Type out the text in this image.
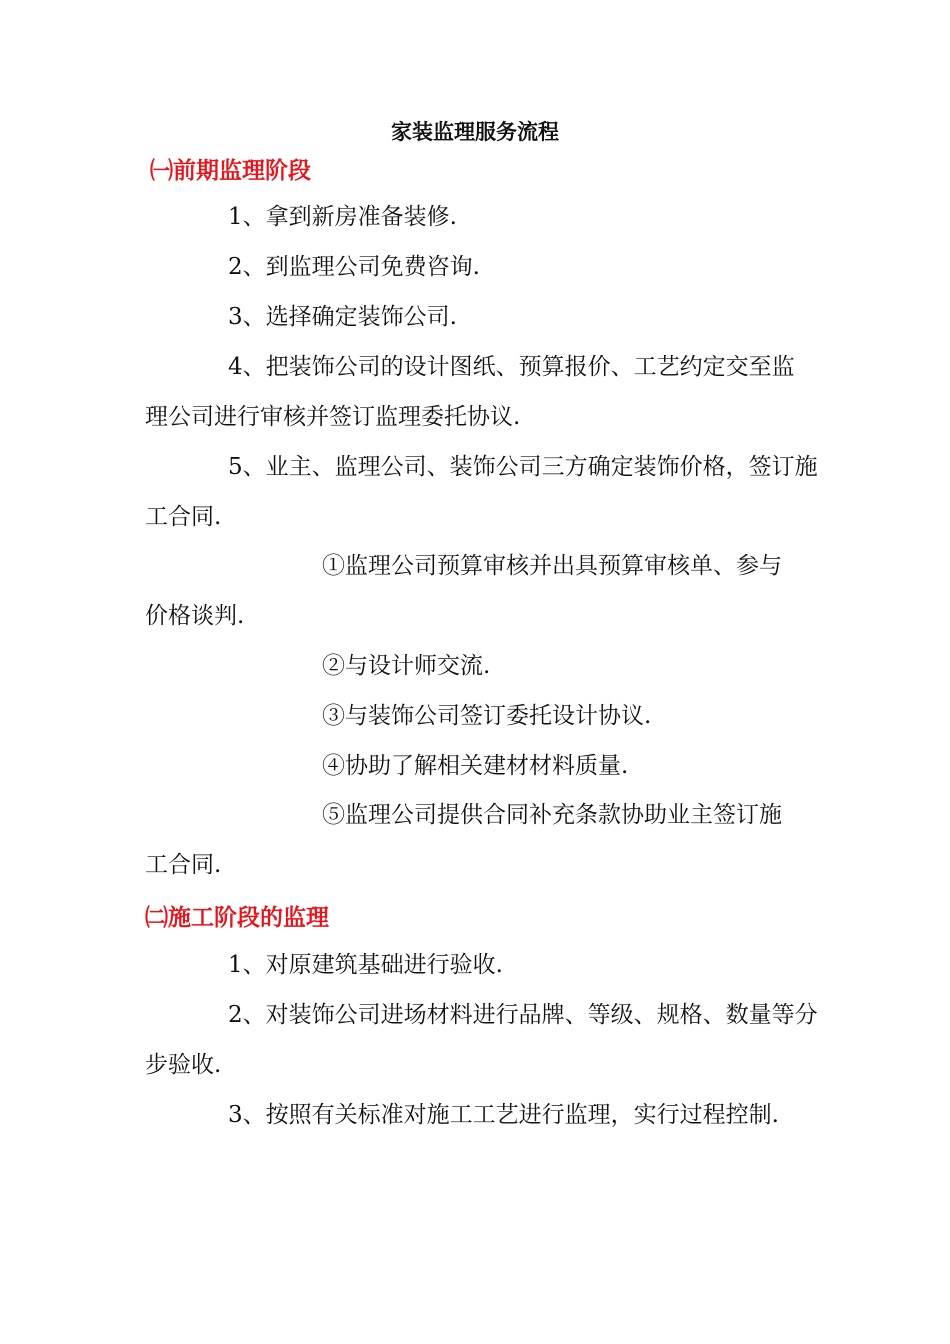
家装监理服务流程
㈠前期监理阶段
1、拿到新房准备装修.
2、到监理公司免费咨询.
3、选择确定装饰公司.
4、把装饰公司的设计图纸、预算报价、工艺约定交至监
理公司进行审核并签订监理委托协议.
5、业主、监理公司、装饰公司三方确定装饰价格，签订施
工合同.
①监理公司预算审核并出具预算审核单、参与
价格谈判.
②与设计师交流.
③与装饰公司签订委托设计协议.
④协助了解相关建材材料质量.
⑤监理公司提供合同补充条款协助业主签订施
工合同.
㈡施工阶段的监理
1、对原建筑基础进行验收.
2、对装饰公司进场材料进行品牌、等级、规格、数量等分
步验收.
3、按照有关标准对施工工艺进行监理，实行过程控制.
